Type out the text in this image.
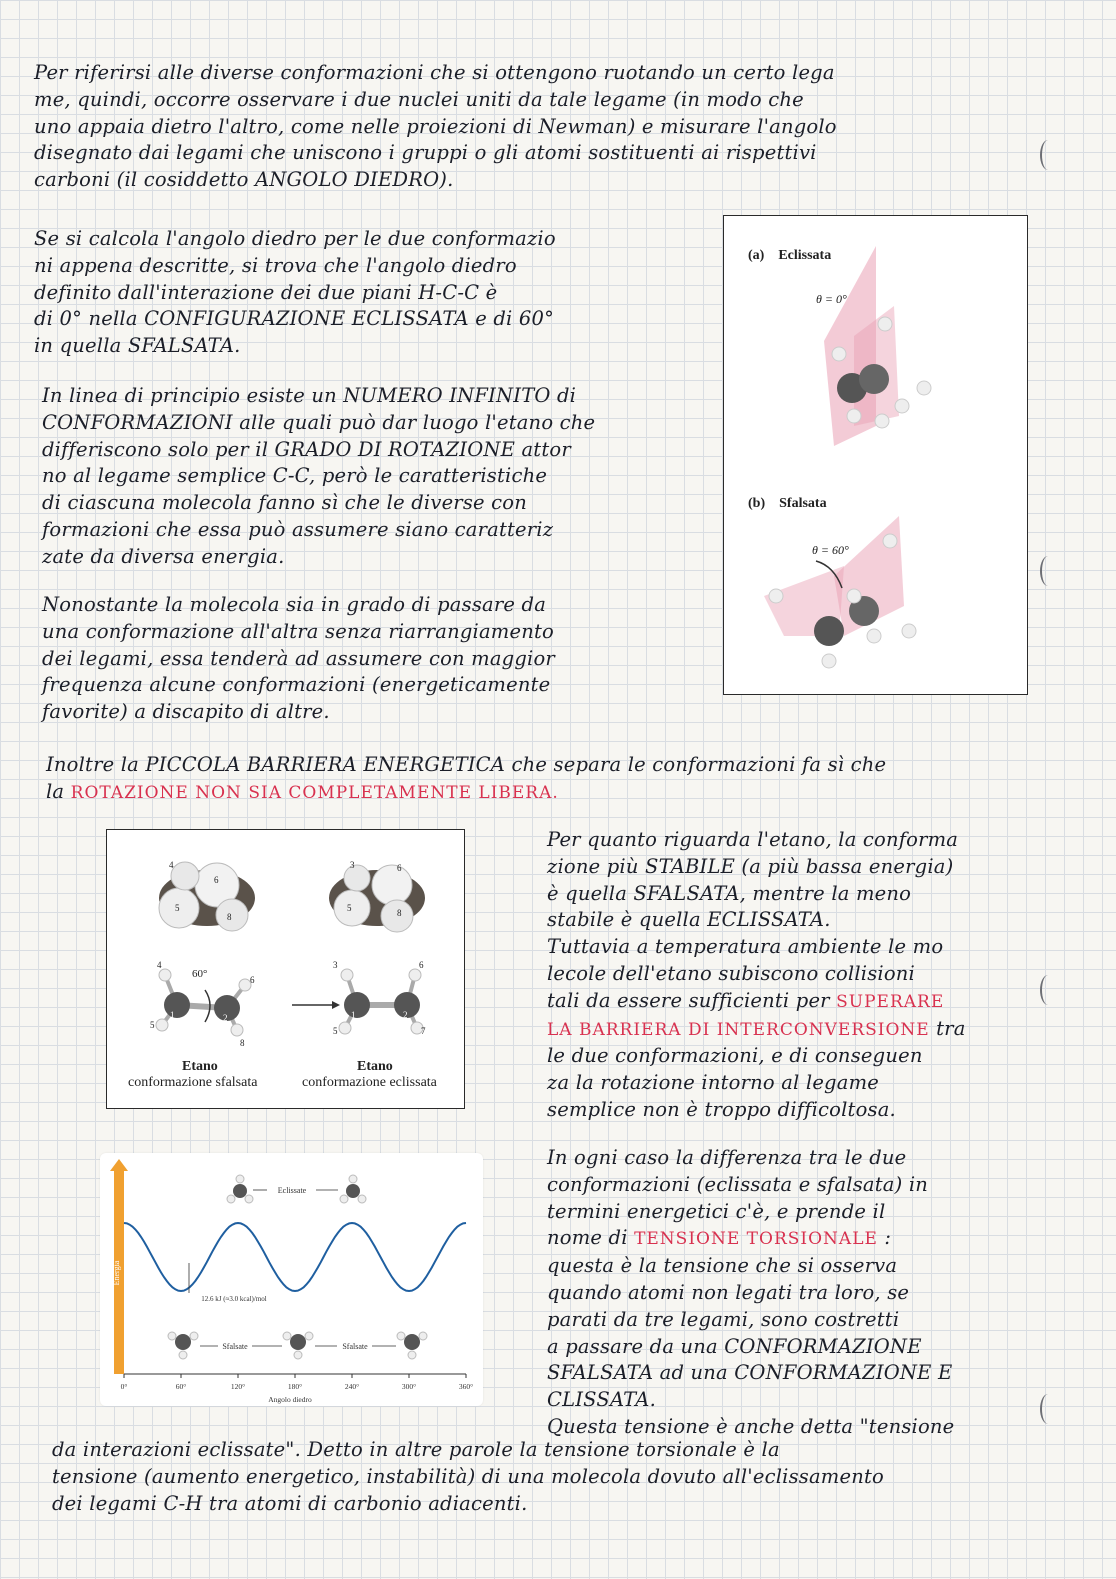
Per riferirsi alle diverse conformazioni che si ottengono ruotando un certo lega

me, quindi, occorre osservare i due nuclei uniti da tale legame (in modo che

uno appaia dietro l'altro, come nelle proiezioni di Newman) e misurare l'angolo

disegnato dai legami che uniscono i gruppi o gli atomi sostituenti ai rispettivi

carboni (il cosiddetto ANGOLO DIEDRO).

Se si calcola l'angolo diedro per le due conformazio

ni appena descritte, si trova che l'angolo diedro

definito dall'interazione dei due piani H-C-C è

di 0° nella CONFIGURAZIONE ECLISSATA e di 60°

in quella SFALSATA.

In linea di principio esiste un NUMERO INFINITO di

CONFORMAZIONI alle quali può dar luogo l'etano che

differiscono solo per il GRADO DI ROTAZIONE attor

no al legame semplice C-C, però le caratteristiche

di ciascuna molecola fanno sì che le diverse con

formazioni che essa può assumere siano caratteriz

zate da diversa energia.

Nonostante la molecola sia in grado di passare da

una conformazione all'altra senza riarrangiamento

dei legami, essa tenderà ad assumere con maggior

frequenza alcune conformazioni (energeticamente

favorite) a discapito di altre.

Inoltre la PICCOLA BARRIERA ENERGETICA che separa le conformazioni fa sì che

la ROTAZIONE NON SIA COMPLETAMENTE LIBERA.

(a) Eclissata
θ = 0°
(b) Sfalsata
θ = 60°
4
6
5
8
3	6
5	8
4
60°	6
5
8
1	2
3	6
5	7
1	2
Etano
conformazione sfalsata
Etano
conformazione eclissata
Energia
Eclissate
Sfalsate	Sfalsate
12.6 kJ (≈3.0 kcal)/mol
0°	60°	120°	180°	240°	300°	360°
Angolo diedro

Per quanto riguarda l'etano, la conforma

zione più STABILE (a più bassa energia)

è quella SFALSATA, mentre la meno

stabile è quella ECLISSATA.

Tuttavia a temperatura ambiente le mo

lecole dell'etano subiscono collisioni

tali da essere sufficienti per SUPERARE

LA BARRIERA DI INTERCONVERSIONE tra

le due conformazioni, e di conseguen

za la rotazione intorno al legame

semplice non è troppo difficoltosa.

In ogni caso la differenza tra le due

conformazioni (eclissata e sfalsata) in

termini energetici c'è, e prende il

nome di TENSIONE TORSIONALE :

questa è la tensione che si osserva

quando atomi non legati tra loro, se

parati da tre legami, sono costretti

a passare da una CONFORMAZIONE

SFALSATA ad una CONFORMAZIONE E

CLISSATA.

Questa tensione è anche detta "tensione

da interazioni eclissate". Detto in altre parole la tensione torsionale è la

tensione (aumento energetico, instabilità) di una molecola dovuto all'eclissamento

dei legami C-H tra atomi di carbonio adiacenti.
